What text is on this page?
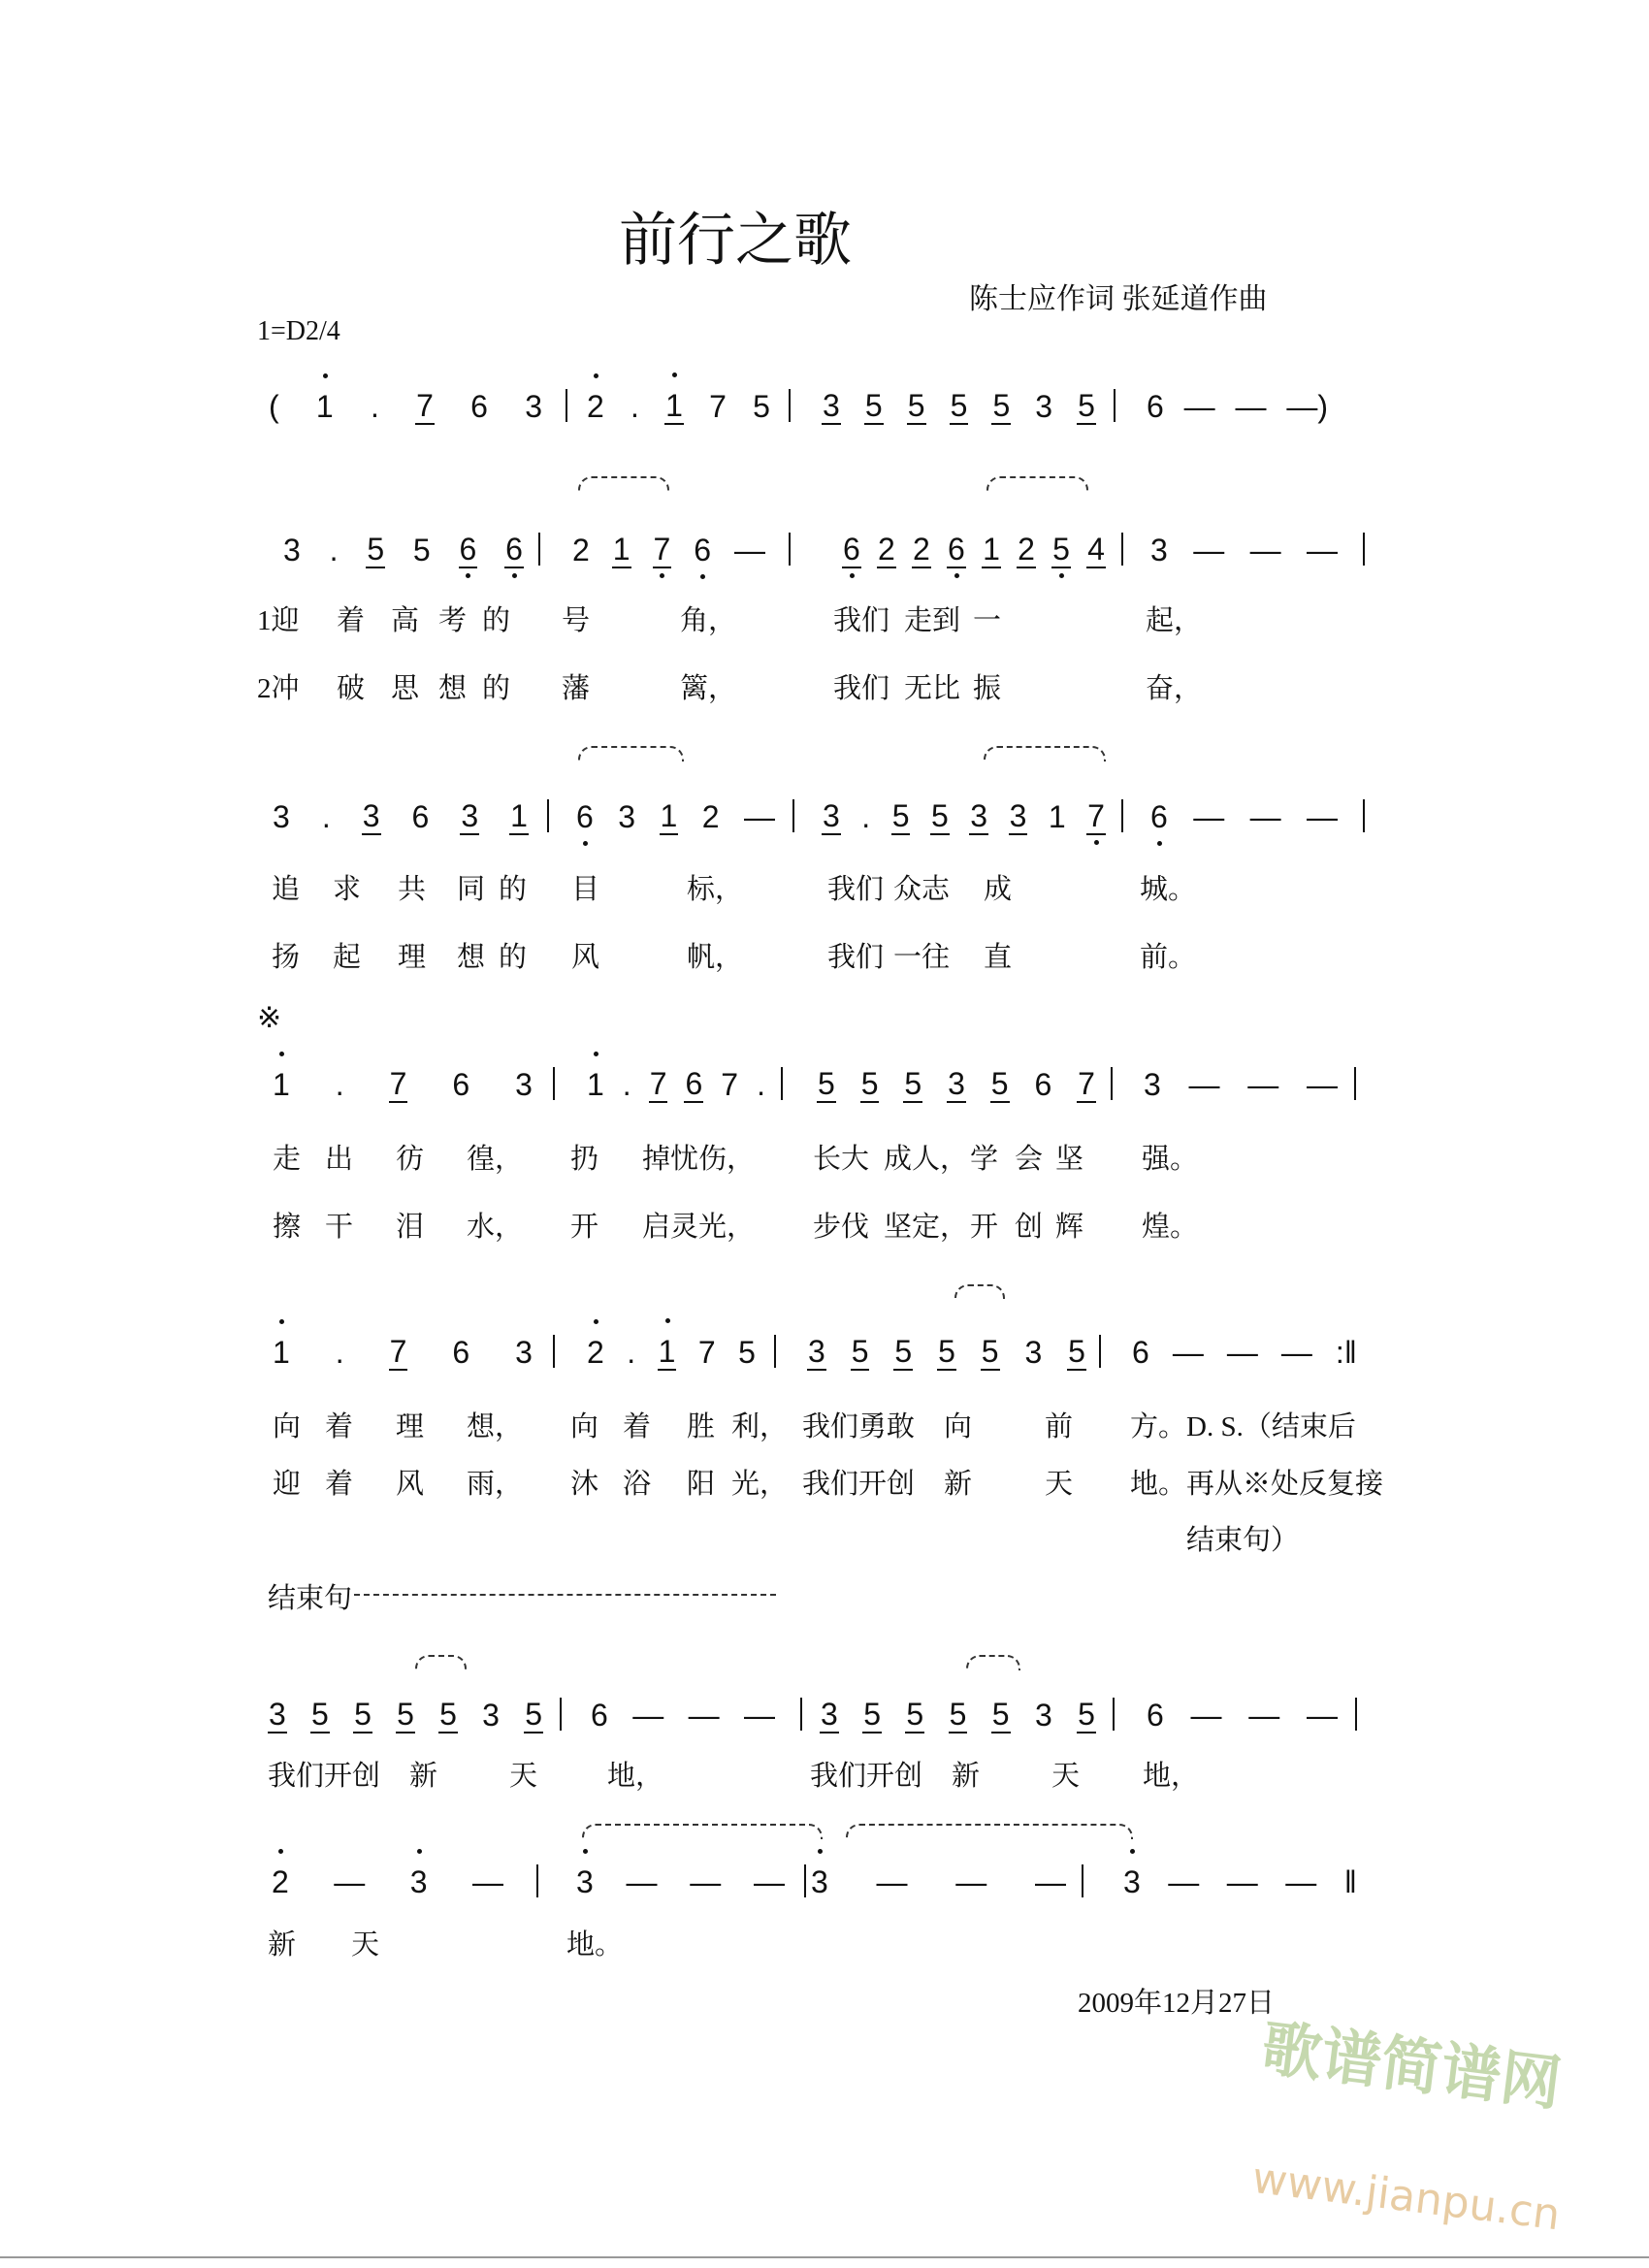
前行之歌
陈士应作词 张延道作曲
1=D2/4
※
结束句
2009年12月27日
歌谱简谱网
www.jianpu.cn
( 1 . 7 6 3 2 . 1 7 5 3 5 5 5 5 3 5 6 — — —)
3 . 5 5 6 6 2 1 7 6 —	6 2 2 6 1 2 5 4 3 — — —
1迎 着 高 考 的 号	角，	我们 走到 一	起，
2冲 破 思 想 的 藩	篱，	我们 无比 振	奋，
3 . 3 6 3 1 6 3 1 2 — 3 . 5 5 3 3 1 7 6 — — —
追 求 共 同 的 目	标，	我们 众志 成	城。
扬 起 理 想 的 风	帆，	我们 一往 直	前。
1 . 7 6 3 1 . 7 6 7 . 5 5 5 3 5 6 7 3 — — —
走 出 彷 徨， 扔 掉忧伤， 长大 成人， 学 会 坚 强。
擦 干 泪 水， 开 启灵光， 步伐 坚定， 开 创 辉 煌。
1 . 7 6 3 2 . 1 7 5 3 5 5 5 5 3 5 6 — — — :‖
向 着 理 想， 向 着 胜 利， 我们勇敢 向	前 方。D. S.（结束后
迎 着 风 雨， 沐 浴 阳 光， 我们开创 新	天 地。再从※处反复接
结束句）
3 5 5 5 5 3 5 6 — — — 3 5 5 5 5 3 5 6 — — —
我们开创 新	天 地，	我们开创 新	天 地，
2 — 3 — 3 — — — 3 — — — 3 — — — ‖
新 天	地。
